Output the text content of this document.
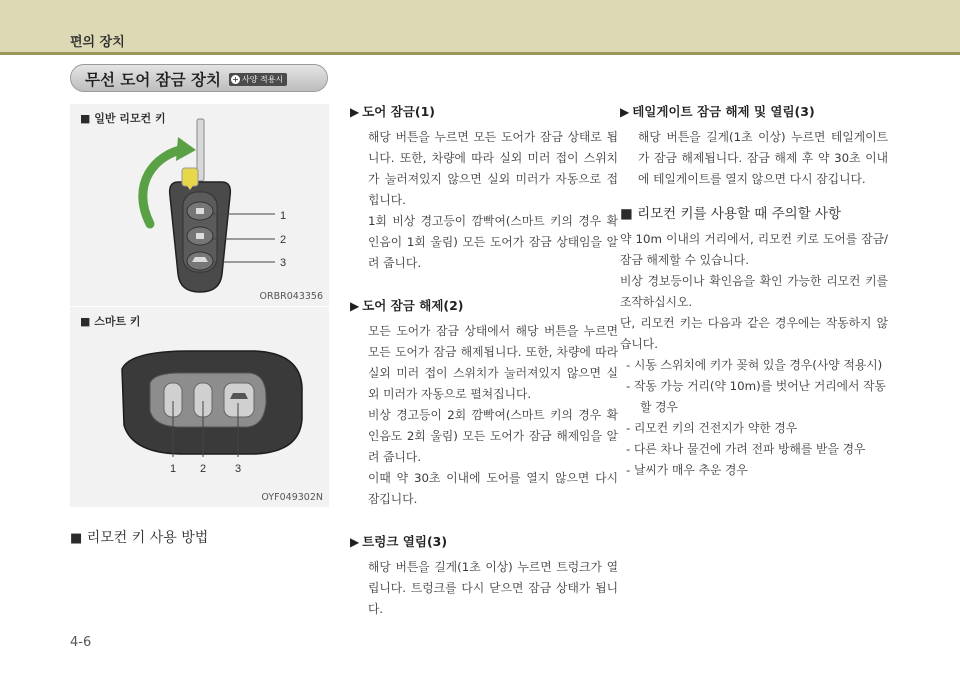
편의 장치
무선 도어 잠금 장치 + 사양 적용시
■ 일반 리모컨 키
1
2
3
ORBR043356
■ 스마트 키
1 2	3
OYF049302N
■ 리모컨 키 사용 방법
▶ 도어 잠금(1)

해당 버튼을 누르면 모든 도어가 잠금 상태로 됩니다. 또한, 차량에 따라 실외 미러 접이 스위치가 눌러져있지 않으면 실외 미러가 자동으로 접힙니다.

1회 비상 경고등이 깜빡여(스마트 키의 경우 확인음이 1회 울림) 모든 도어가 잠금 상태임을 알려 줍니다.

▶ 도어 잠금 해제(2)

모든 도어가 잠금 상태에서 해당 버튼을 누르면 모든 도어가 잠금 해제됩니다. 또한, 차량에 따라 실외 미러 접이 스위치가 눌러져있지 않으면 실외 미러가 자동으로 펼쳐집니다.

비상 경고등이 2회 깜빡여(스마트 키의 경우 확인음도 2회 울림) 모든 도어가 잠금 해제임을 알려 줍니다.

이때 약 30초 이내에 도어를 열지 않으면 다시 잠깁니다.

▶ 트렁크 열림(3)

해당 버튼을 길게(1초 이상) 누르면 트렁크가 열립니다. 트렁크를 다시 닫으면 잠금 상태가 됩니다.

▶ 테일게이트 잠금 해제 및 열림(3)

해당 버튼을 길게(1초 이상) 누르면 테일게이트가 잠금 해제됩니다. 잠금 해제 후 약 30초 이내에 테일게이트를 열지 않으면 다시 잠깁니다.

■ 리모컨 키를 사용할 때 주의할 사항

약 10m 이내의 거리에서, 리모컨 키로 도어를 잠금/잠금 해제할 수 있습니다.

비상 경보등이나 확인음을 확인 가능한 리모컨 키를 조작하십시오.

단, 리모컨 키는 다음과 같은 경우에는 작동하지 않습니다.

- 시동 스위치에 키가 꽂혀 있을 경우(사양 적용시)

- 작동 가능 거리(약 10m)를 벗어난 거리에서 작동할 경우

- 리모컨 키의 건전지가 약한 경우

- 다른 차나 물건에 가려 전파 방해를 받을 경우

- 날씨가 매우 추운 경우

4-6
